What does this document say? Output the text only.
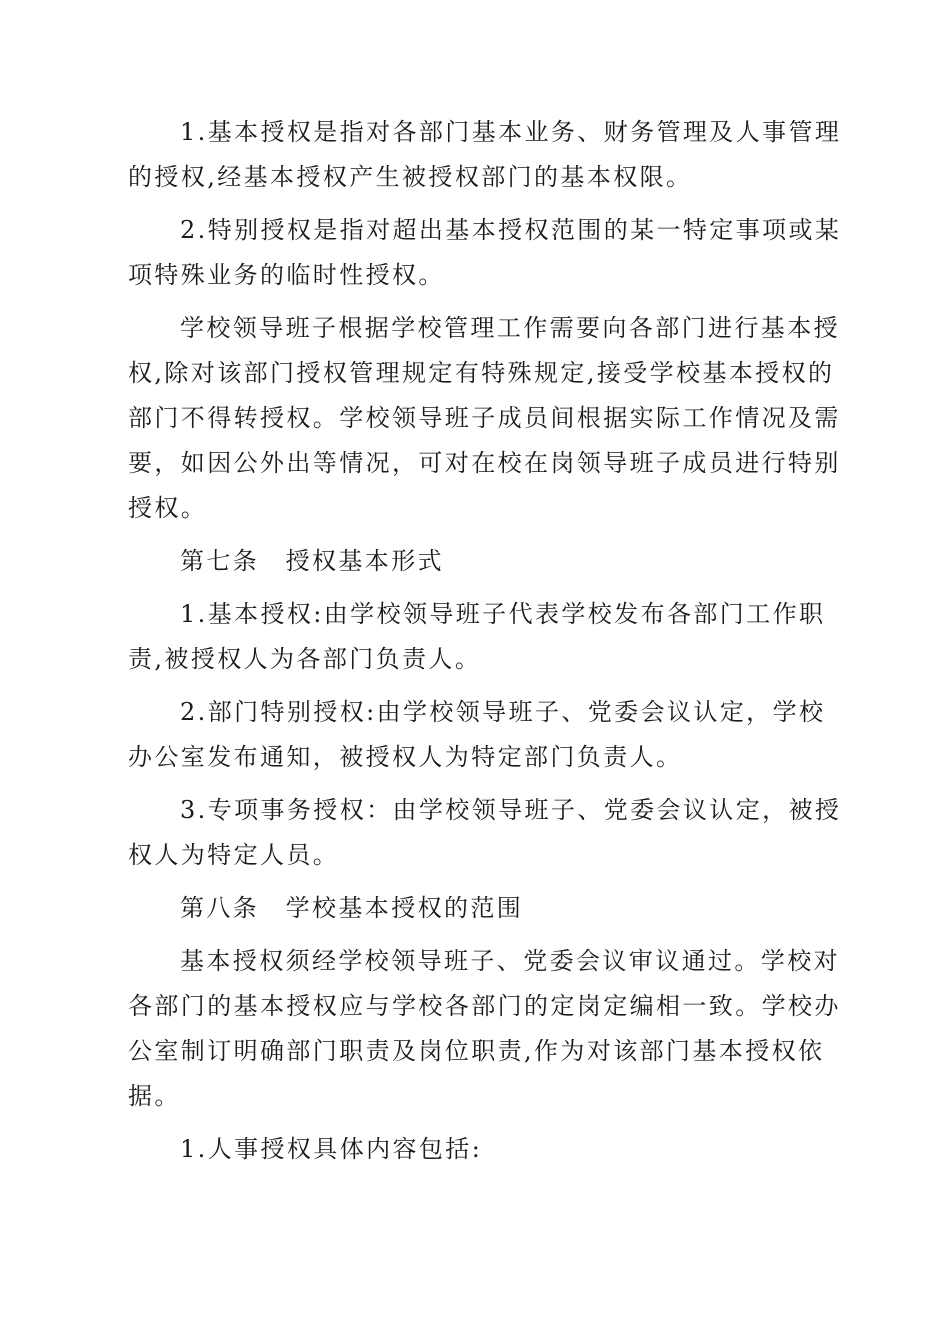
1.基本授权是指对各部门基本业务、财务管理及人事管理的授权,经基本授权产生被授权部门的基本权限。

2.特别授权是指对超出基本授权范围的某一特定事项或某项特殊业务的临时性授权。

学校领导班子根据学校管理工作需要向各部门进行基本授权,除对该部门授权管理规定有特殊规定,接受学校基本授权的部门不得转授权。学校领导班子成员间根据实际工作情况及需要，如因公外出等情况，可对在校在岗领导班子成员进行特别授权。

第七条　授权基本形式

1.基本授权:由学校领导班子代表学校发布各部门工作职责,被授权人为各部门负责人。

2.部门特别授权:由学校领导班子、党委会议认定，学校办公室发布通知，被授权人为特定部门负责人。

3.专项事务授权：由学校领导班子、党委会议认定，被授权人为特定人员。

第八条　学校基本授权的范围

基本授权须经学校领导班子、党委会议审议通过。学校对各部门的基本授权应与学校各部门的定岗定编相一致。学校办公室制订明确部门职责及岗位职责,作为对该部门基本授权依据。

1.人事授权具体内容包括:
